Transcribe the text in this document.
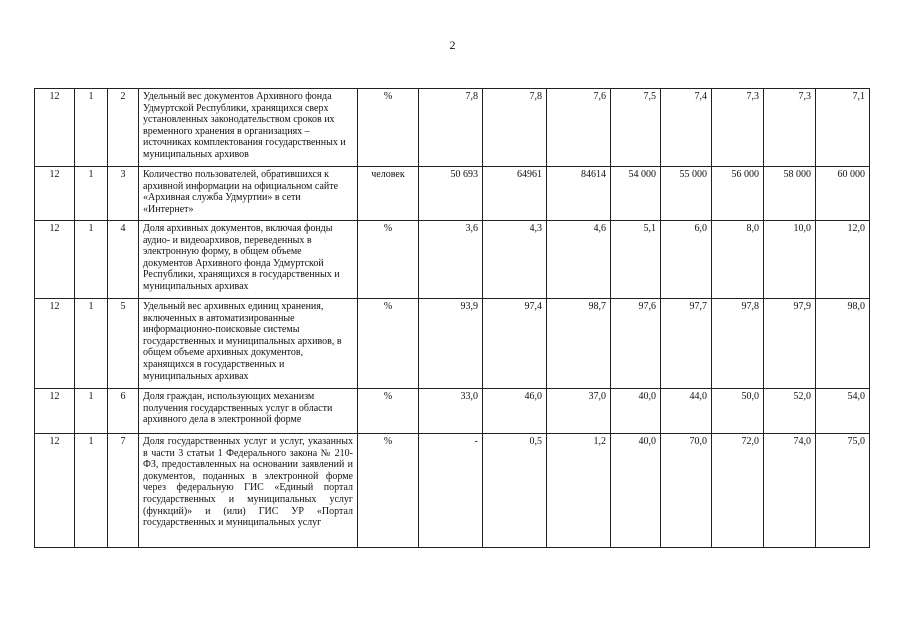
2
12	1	2	Удельный вес документов Архивного фонда Удмуртской Республики, хранящихся сверх установленных законодательством сроков их временного хранения в организациях – источниках комплектования государственных и муниципальных архивов	%	7,8	7,8	7,6	7,5	7,4	7,3	7,3	7,1
12	1	3	Количество пользователей, обратившихся к архивной информации на официальном сайте «Архивная служба Удмуртии» в сети «Интернет»	человек	50 693	64961	84614	54 000	55 000	56 000	58 000	60 000
12	1	4	Доля архивных документов, включая фонды аудио- и видеоархивов, переведенных в электронную форму, в общем объеме документов Архивного фонда Удмуртской Республики, хранящихся в государственных и муниципальных архивах	%	3,6	4,3	4,6	5,1	6,0	8,0	10,0	12,0
12	1	5	Удельный вес архивных единиц хранения, включенных в автоматизированные информационно-поисковые системы государственных и муниципальных архивов, в общем объеме архивных документов, хранящихся в государственных и муниципальных архивах	%	93,9	97,4	98,7	97,6	97,7	97,8	97,9	98,0
12	1	6	Доля граждан, использующих механизм получения государственных услуг в области архивного дела в электронной форме	%	33,0	46,0	37,0	40,0	44,0	50,0	52,0	54,0
12	1	7	Доля государственных услуг и услуг, указанных в части 3 статьи 1 Федерального закона № 210-ФЗ, предоставленных на основании заявлений и документов, поданных в электронной форме через федеральную ГИС «Единый портал государственных и муниципальных услуг (функций)» и (или) ГИС УР «Портал государственных и муниципальных услуг	%	-	0,5	1,2	40,0	70,0	72,0	74,0	75,0
